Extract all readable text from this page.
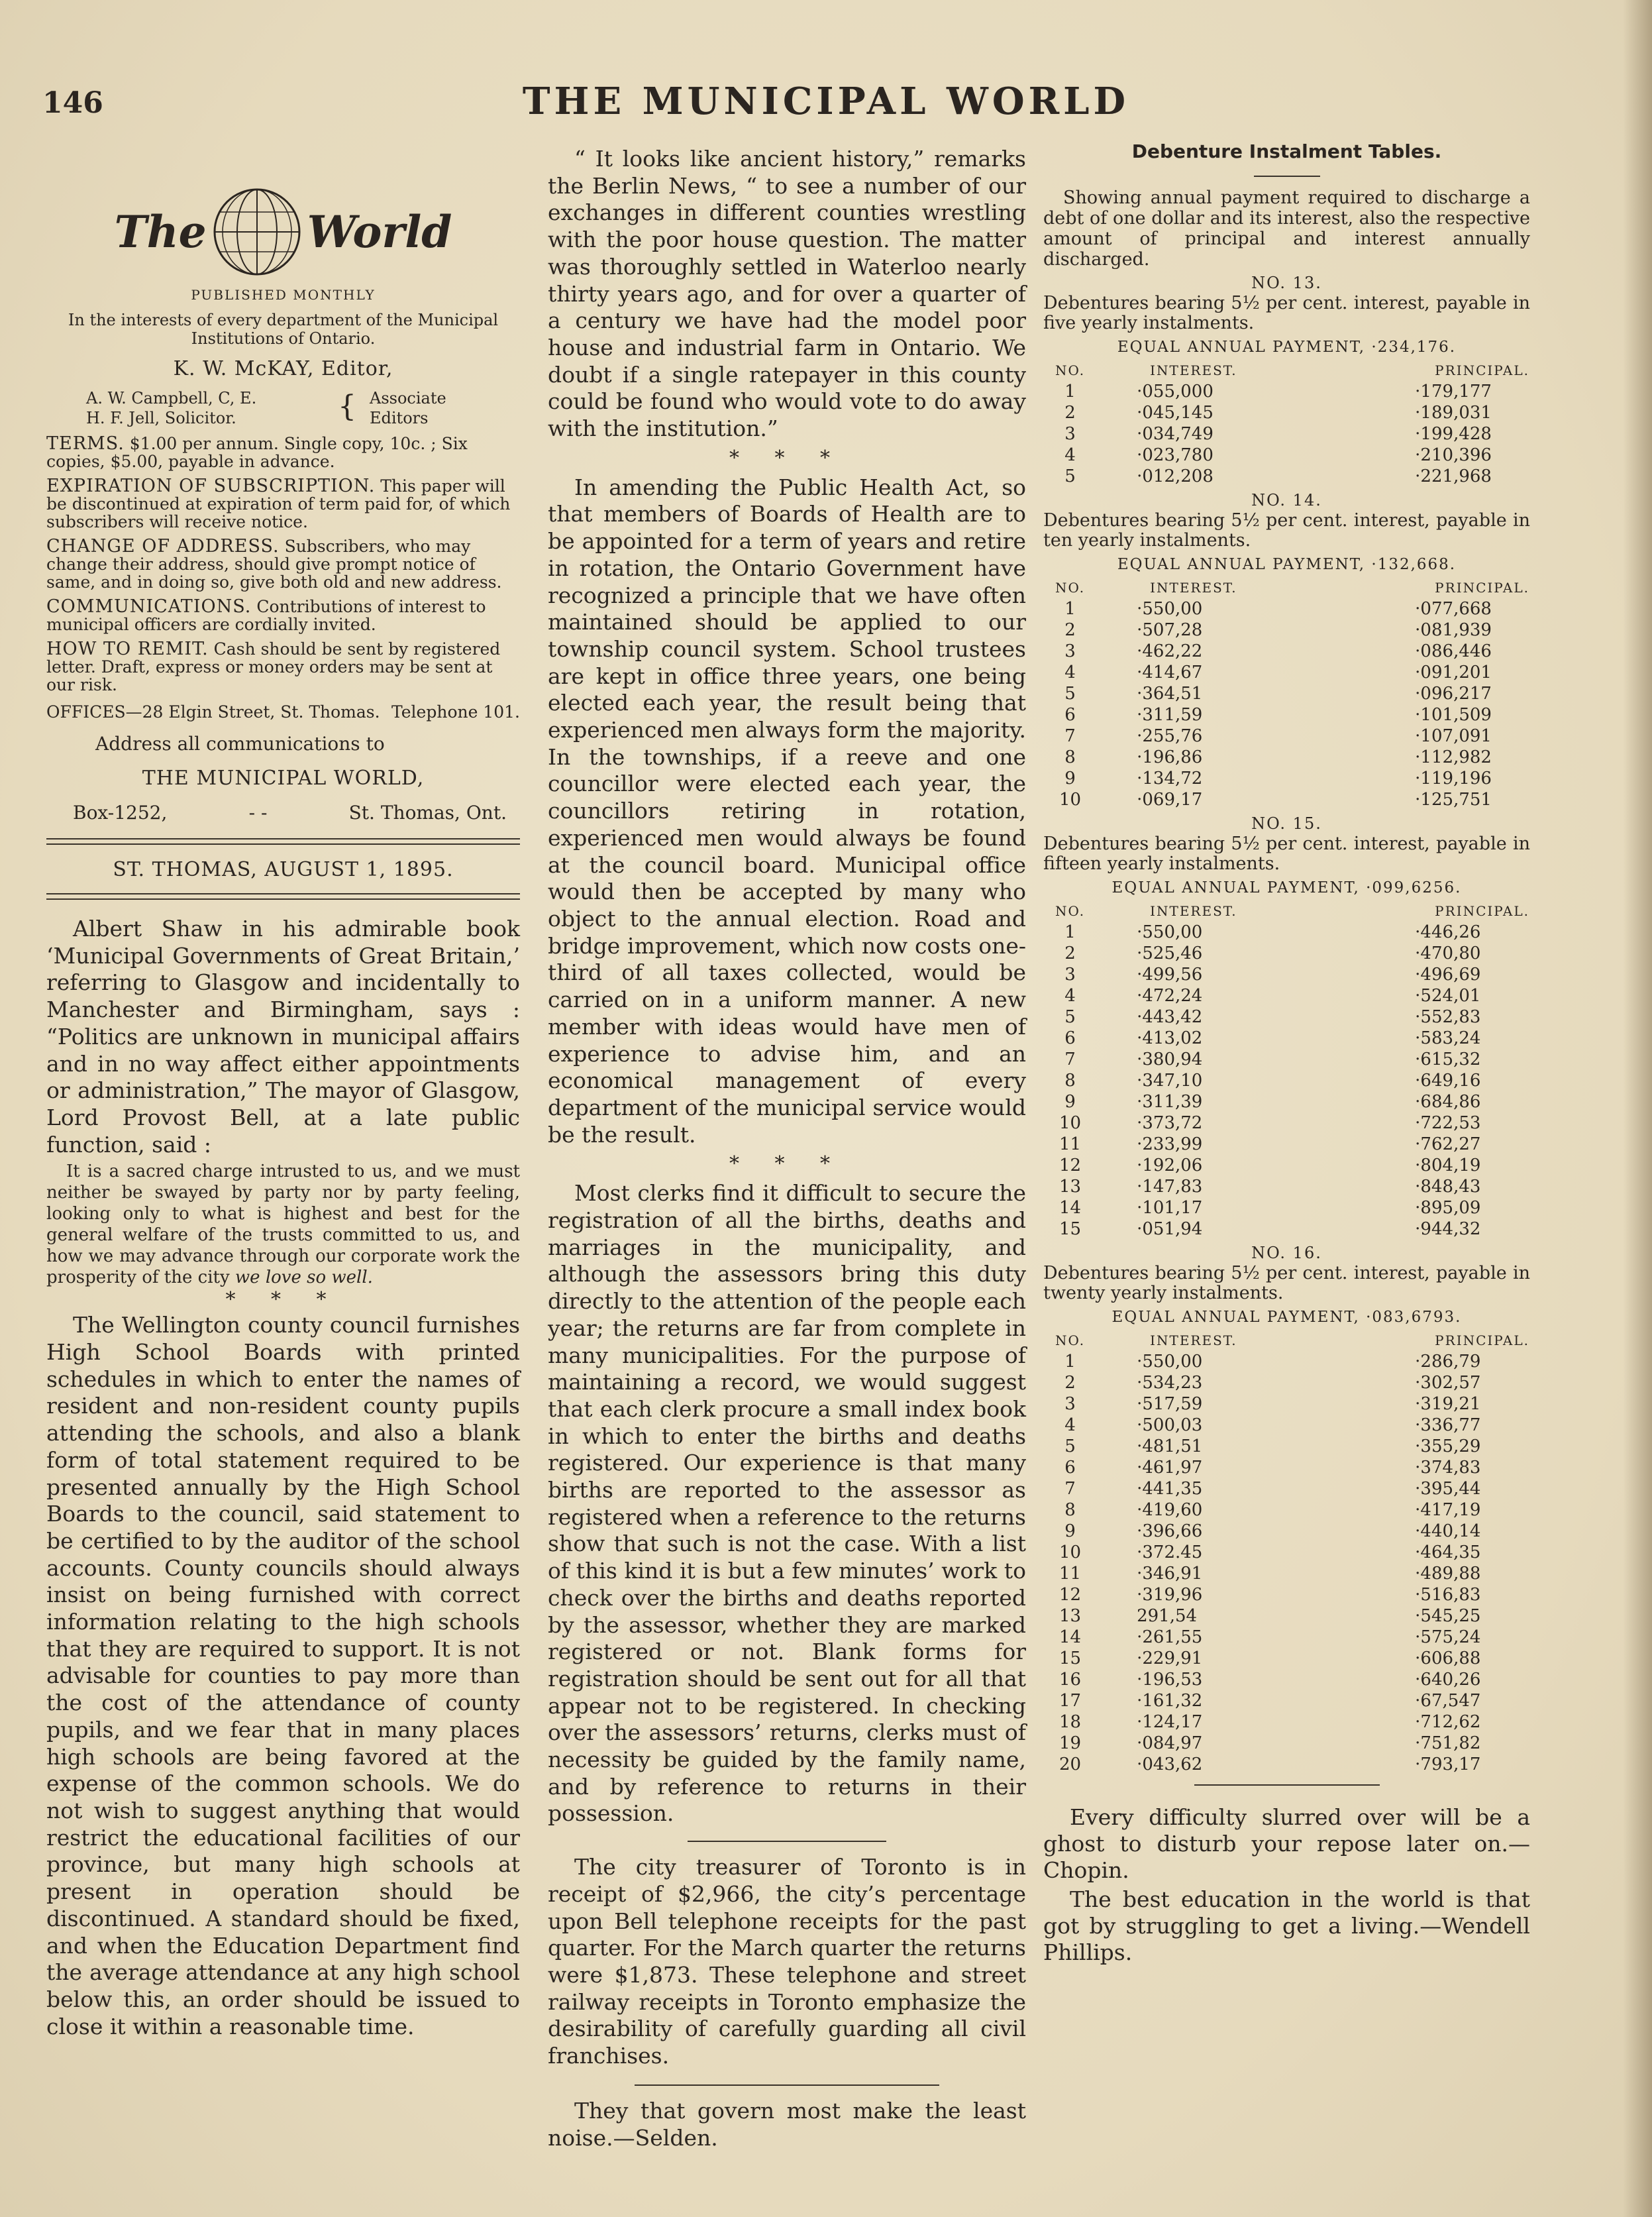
146	THE MUNICIPAL WORLD
The World
PUBLISHED MONTHLY
In the interests of every department of the Municipal Institutions of Ontario.
K. W. McKAY, Editor,
A. W. Campbell, C, E.
H. F. Jell, Solicitor.	{ Associate
Editors
TERMS. $1.00 per annum. Single copy, 10c. ; Six copies, $5.00, payable in advance.
EXPIRATION OF SUBSCRIPTION. This paper will be discontinued at expiration of term paid for, of which subscribers will receive notice.
CHANGE OF ADDRESS. Subscribers, who may change their address, should give prompt notice of same, and in doing so, give both old and new address.
COMMUNICATIONS. Contributions of interest to municipal officers are cordially invited.
HOW TO REMIT. Cash should be sent by registered letter. Draft, express or money orders may be sent at our risk.
OFFICES—28 Elgin Street, St. Thomas. Telephone 101.
Address all communications to
THE MUNICIPAL WORLD,
Box-1252,	- -	St. Thomas, Ont.
ST. THOMAS, AUGUST 1, 1895.

Albert Shaw in his admirable book ‘Municipal Governments of Great Britain,’ referring to Glasgow and incidentally to Manchester and Birmingham, says : “Politics are unknown in municipal affairs and in no way affect either appointments or administration,” The mayor of Glasgow, Lord Provost Bell, at a late public function, said :

It is a sacred charge intrusted to us, and we must neither be swayed by party nor by party feeling, looking only to what is highest and best for the general welfare of the trusts committed to us, and how we may advance through our corporate work the prosperity of the city we love so well.

* * *

The Wellington county council furnishes High School Boards with printed schedules in which to enter the names of resident and non-resident county pupils attending the schools, and also a blank form of total statement required to be presented annually by the High School Boards to the council, said statement to be certified to by the auditor of the school accounts. County councils should always insist on being furnished with correct information relating to the high schools that they are required to support. It is not advisable for counties to pay more than the cost of the attendance of county pupils, and we fear that in many places high schools are being favored at the expense of the common schools. We do not wish to suggest anything that would restrict the educational facilities of our province, but many high schools at present in operation should be discontinued. A standard should be fixed, and when the Education Department find the average attendance at any high school below this, an order should be issued to close it within a reasonable time.

“ It looks like ancient history,” remarks the Berlin News, “ to see a number of our exchanges in different counties wrestling with the poor house question. The matter was thoroughly settled in Waterloo nearly thirty years ago, and for over a quarter of a century we have had the model poor house and industrial farm in Ontario. We doubt if a single ratepayer in this county could be found who would vote to do away with the institution.”

* * *

In amending the Public Health Act, so that members of Boards of Health are to be appointed for a term of years and retire in rotation, the Ontario Government have recognized a principle that we have often maintained should be applied to our township council system. School trustees are kept in office three years, one being elected each year, the result being that experienced men always form the majority. In the townships, if a reeve and one councillor were elected each year, the councillors retiring in rotation, experienced men would always be found at the council board. Municipal office would then be accepted by many who object to the annual election. Road and bridge improvement, which now costs one-third of all taxes collected, would be carried on in a uniform manner. A new member with ideas would have men of experience to advise him, and an economical management of every department of the municipal service would be the result.

* * *

Most clerks find it difficult to secure the registration of all the births, deaths and marriages in the municipality, and although the assessors bring this duty directly to the attention of the people each year; the returns are far from complete in many municipalities. For the purpose of maintaining a record, we would suggest that each clerk procure a small index book in which to enter the births and deaths registered. Our experience is that many births are reported to the assessor as registered when a reference to the returns show that such is not the case. With a list of this kind it is but a few minutes’ work to check over the births and deaths reported by the assessor, whether they are marked registered or not. Blank forms for registration should be sent out for all that appear not to be registered. In checking over the assessors’ returns, clerks must of necessity be guided by the family name, and by reference to returns in their possession.

The city treasurer of Toronto is in receipt of $2,966, the city’s percentage upon Bell telephone receipts for the past quarter. For the March quarter the returns were $1,873. These telephone and street railway receipts in Toronto emphasize the desirability of carefully guarding all civil franchises.

They that govern most make the least noise.—Selden.

Debenture Instalment Tables.

Showing annual payment required to discharge a debt of one dollar and its interest, also the respective amount of principal and interest annually discharged.

NO. 13.
Debentures bearing 5½ per cent. interest, payable in five yearly instalments.
EQUAL ANNUAL PAYMENT, ·234,176.
NO.	INTEREST.	PRINCIPAL.
1	·055,000	·179,177
2	·045,145	·189,031
3	·034,749	·199,428
4	·023,780	·210,396
5	·012,208	·221,968
NO. 14.
Debentures bearing 5½ per cent. interest, payable in ten yearly instalments.
EQUAL ANNUAL PAYMENT, ·132,668.
NO.	INTEREST.	PRINCIPAL.
1	·550,00	·077,668
2	·507,28	·081,939
3	·462,22	·086,446
4	·414,67	·091,201
5	·364,51	·096,217
6	·311,59	·101,509
7	·255,76	·107,091
8	·196,86	·112,982
9	·134,72	·119,196
10	·069,17	·125,751
NO. 15.
Debentures bearing 5½ per cent. interest, payable in fifteen yearly instalments.
EQUAL ANNUAL PAYMENT, ·099,6256.
NO.	INTEREST.	PRINCIPAL.
1	·550,00	·446,26
2	·525,46	·470,80
3	·499,56	·496,69
4	·472,24	·524,01
5	·443,42	·552,83
6	·413,02	·583,24
7	·380,94	·615,32
8	·347,10	·649,16
9	·311,39	·684,86
10	·373,72	·722,53
11	·233,99	·762,27
12	·192,06	·804,19
13	·147,83	·848,43
14	·101,17	·895,09
15	·051,94	·944,32
NO. 16.
Debentures bearing 5½ per cent. interest, payable in twenty yearly instalments.
EQUAL ANNUAL PAYMENT, ·083,6793.
NO.	INTEREST.	PRINCIPAL.
1	·550,00	·286,79
2	·534,23	·302,57
3	·517,59	·319,21
4	·500,03	·336,77
5	·481,51	·355,29
6	·461,97	·374,83
7	·441,35	·395,44
8	·419,60	·417,19
9	·396,66	·440,14
10	·372.45	·464,35
11	·346,91	·489,88
12	·319,96	·516,83
13	291,54	·545,25
14	·261,55	·575,24
15	·229,91	·606,88
16	·196,53	·640,26
17	·161,32	·67,547
18	·124,17	·712,62
19	·084,97	·751,82
20	·043,62	·793,17

Every difficulty slurred over will be a ghost to disturb your repose later on.—Chopin.

The best education in the world is that got by struggling to get a living.—Wendell Phillips.
